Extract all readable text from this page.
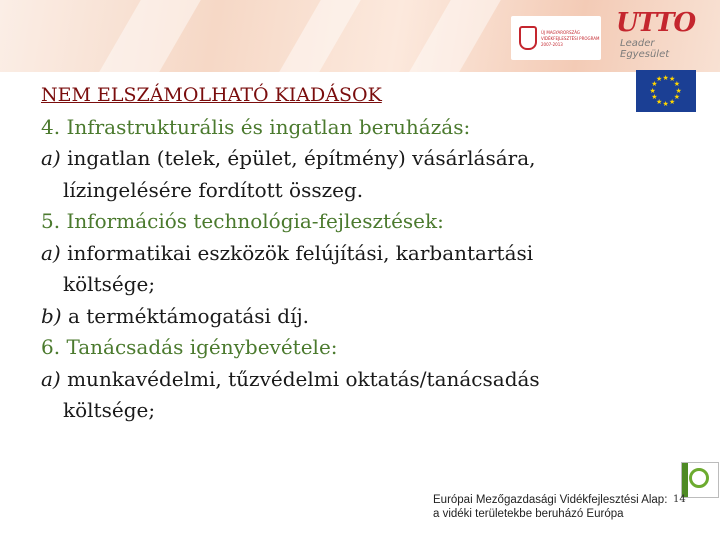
ÚJ MAGYARORSZÁG
VIDÉKFEJLESZTÉSI PROGRAM
2007-2013
UTTO
Leader Egyesület
★ ★
★
★
★
★
★
★
★
★
★
★
NEM ELSZÁMOLHATÓ KIADÁSOK
4. Infrastrukturális és ingatlan beruházás:
a) ingatlan (telek, épület, építmény) vásárlására,
lízingelésére fordított összeg.
5. Információs technológia-fejlesztések:
a) informatikai eszközök felújítási, karbantartási
költsége;
b) a terméktámogatási díj.
6. Tanácsadás igénybevétele:
a) munkavédelmi, tűzvédelmi oktatás/tanácsadás
költsége;
Európai Mezőgazdasági Vidékfejlesztési Alap:
a vidéki területekbe beruházó Európa
14
